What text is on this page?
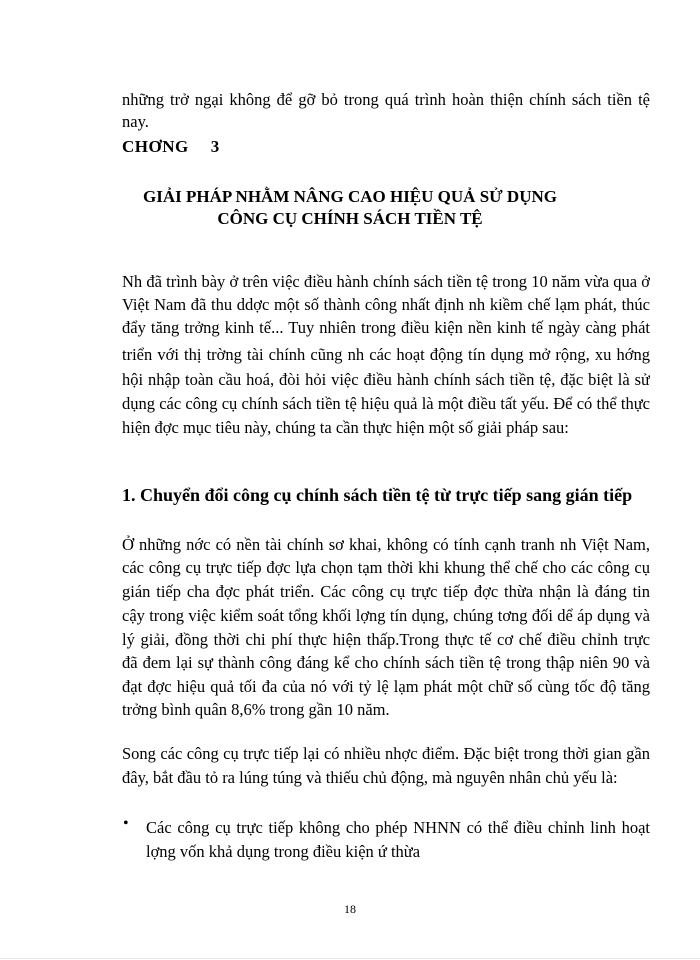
những trở ngại không để gỡ bỏ trong quá trình hoàn thiện chính sách tiền tệ
nay.
CHƠNG 3
GIẢI PHÁP NHẰM NÂNG CAO HIỆU QUẢ SỬ DỤNG
CÔNG CỤ CHÍNH SÁCH TIỀN TỆ
Nh đã trình bày ở trên việc điều hành chính sách tiền tệ trong 10 năm vừa qua ở
Việt Nam đã thu ddợc một số thành công nhất định nh kiềm chế lạm phát, thúc
đẩy tăng trởng kinh tế... Tuy nhiên trong điều kiện nền kinh tế ngày càng phát
triển với thị trờng tài chính cũng nh các hoạt động tín dụng mở rộng, xu hớng
hội nhập toàn cầu hoá, đòi hỏi việc điều hành chính sách tiền tệ, đặc biệt là sử
dụng các công cụ chính sách tiền tệ hiệu quả là một điều tất yếu. Để có thể thực
hiện đợc mục tiêu này, chúng ta cần thực hiện một số giải pháp sau:
1. Chuyển đổi công cụ chính sách tiền tệ từ trực tiếp sang gián tiếp
Ở những nớc có nền tài chính sơ khai, không có tính cạnh tranh nh Việt Nam,
các công cụ trực tiếp đợc lựa chọn tạm thời khi khung thể chế cho các công cụ
gián tiếp cha đợc phát triển. Các công cụ trực tiếp đợc thừa nhận là đáng tin
cậy trong việc kiểm soát tổng khối lợng tín dụng, chúng tơng đối dể áp dụng và
lý giải, đồng thời chi phí thực hiện thấp.Trong thực tế cơ chế điều chỉnh trực
đã đem lại sự thành công đáng kể cho chính sách tiền tệ trong thập niên 90 và
đạt đợc hiệu quả tối đa của nó với tỷ lệ lạm phát một chữ số cùng tốc độ tăng
trởng bình quân 8,6% trong gần 10 năm.
Song các công cụ trực tiếp lại có nhiều nhợc điểm. Đặc biệt trong thời gian gần
đây, bắt đầu tỏ ra lúng túng và thiếu chủ động, mà nguyên nhân chủ yếu là:
• Các công cụ trực tiếp không cho phép NHNN có thể điều chỉnh linh hoạt
lợng vốn khả dụng trong điều kiện ứ thừa
18
